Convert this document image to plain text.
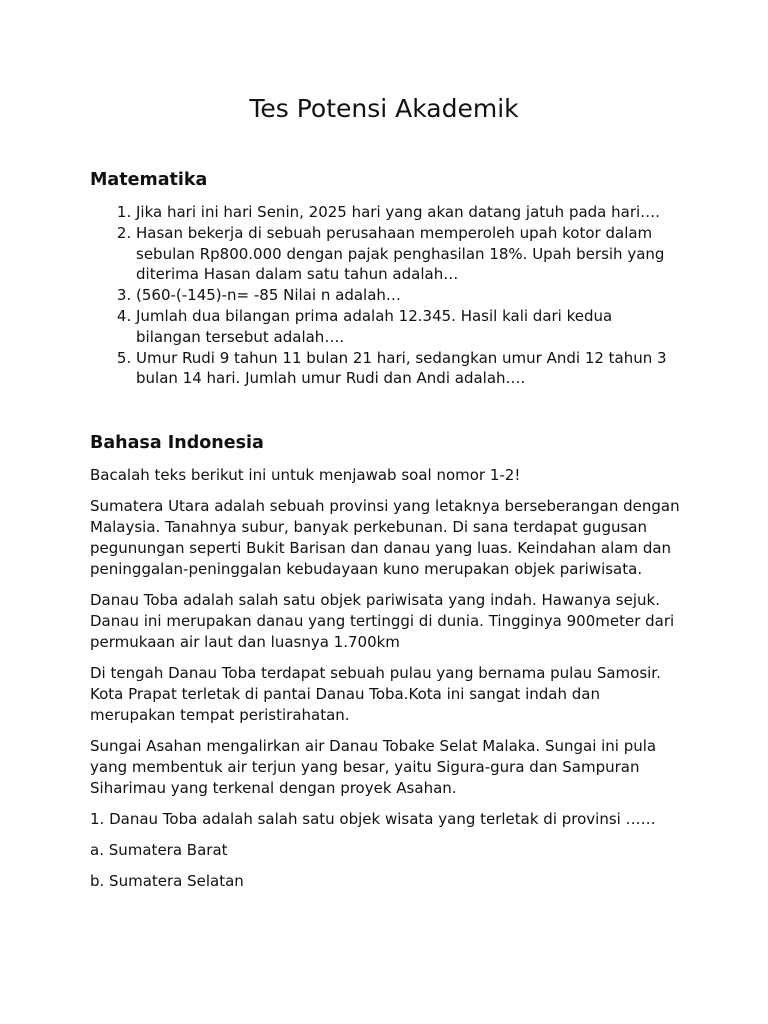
Tes Potensi Akademik
Matematika
1. Jika hari ini hari Senin, 2025 hari yang akan datang jatuh pada hari….
2. Hasan bekerja di sebuah perusahaan memperoleh upah kotor dalam sebulan Rp800.000 dengan pajak penghasilan 18%. Upah bersih yang diterima Hasan dalam satu tahun adalah…
3. (560-(-145)-n= -85 Nilai n adalah…
4. Jumlah dua bilangan prima adalah 12.345. Hasil kali dari kedua bilangan tersebut adalah….
5. Umur Rudi 9 tahun 11 bulan 21 hari, sedangkan umur Andi 12 tahun 3 bulan 14 hari. Jumlah umur Rudi dan Andi adalah….
Bahasa Indonesia

Bacalah teks berikut ini untuk menjawab soal nomor 1-2!

Sumatera Utara adalah sebuah provinsi yang letaknya berseberangan dengan Malaysia. Tanahnya subur, banyak perkebunan. Di sana terdapat gugusan pegunungan seperti Bukit Barisan dan danau yang luas. Keindahan alam dan peninggalan-peninggalan kebudayaan kuno merupakan objek pariwisata.

Danau Toba adalah salah satu objek pariwisata yang indah. Hawanya sejuk. Danau ini merupakan danau yang tertinggi di dunia. Tingginya 900meter dari permukaan air laut dan luasnya 1.700km

Di tengah Danau Toba terdapat sebuah pulau yang bernama pulau Samosir. Kota Prapat terletak di pantai Danau Toba.Kota ini sangat indah dan merupakan tempat peristirahatan.

Sungai Asahan mengalirkan air Danau Tobake Selat Malaka. Sungai ini pula yang membentuk air terjun yang besar, yaitu Sigura-gura dan Sampuran Siharimau yang terkenal dengan proyek Asahan.

1. Danau Toba adalah salah satu objek wisata yang terletak di provinsi ……

a. Sumatera Barat

b. Sumatera Selatan
